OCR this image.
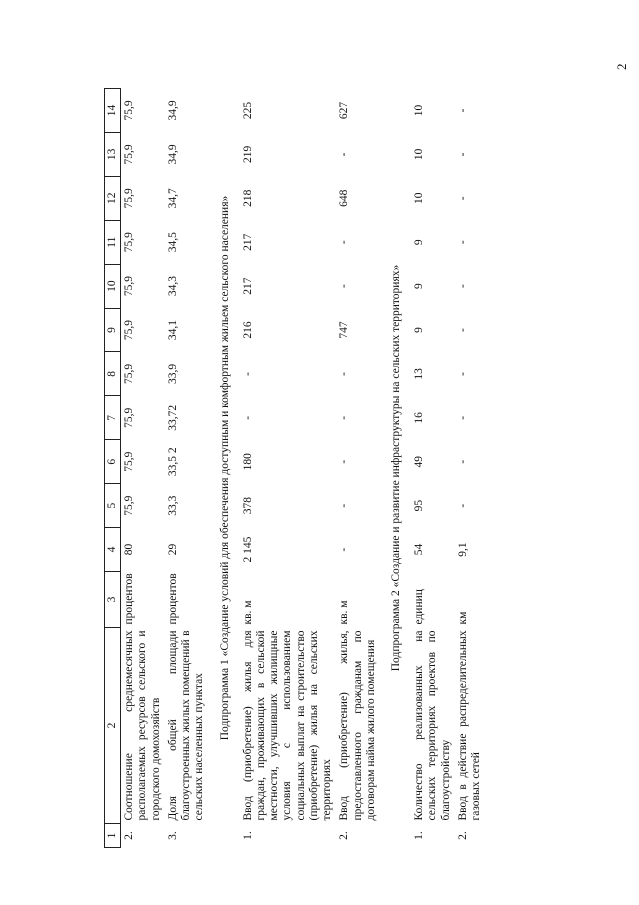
2
1	2	3	4	5	6	7	8	9	10	11	12	13	14
2.	Соотношение среднемесячных располагаемых ресурсов сельского и городского домохозяйств	процентов	80	75,9	75,9	75,9	75,9	75,9	75,9	75,9	75,9	75,9	75,9
3.	Доля общей площади благоустроенных жилых помещений в сельских населенных пунктах	процентов	29	33,3	33,5 2	33,72	33,9	34,1	34,3	34,5	34,7	34,9	34,9
Подпрограмма 1 «Создание условий для обеспечения доступным и комфортным жильем сельского населения»													
1.	Ввод (приобретение) жилья для граждан, проживающих в сельской местности, улучшивших жилищные условия с использованием социальных выплат на строительство (приобретение) жилья на сельских территориях	кв. м	2 145	378	180	-	-	216	217	217	218	219	225
2.	Ввод (приобретение) жилья, предоставленного гражданам по договорам найма жилого помещения	кв. м	-	-	-	-	-	747	-	-	648	-	627
Подпрограмма 2 «Создание и развитие инфраструктуры на сельских территориях»													
1.	Количество реализованных на сельских территориях проектов по благоустройству	единиц	54	95	49	16	13	9	9	9	10	10	10
2.	Ввод в действие распределительных газовых сетей	км	9,1	-	-	-	-	-	-	-	-	-	-
